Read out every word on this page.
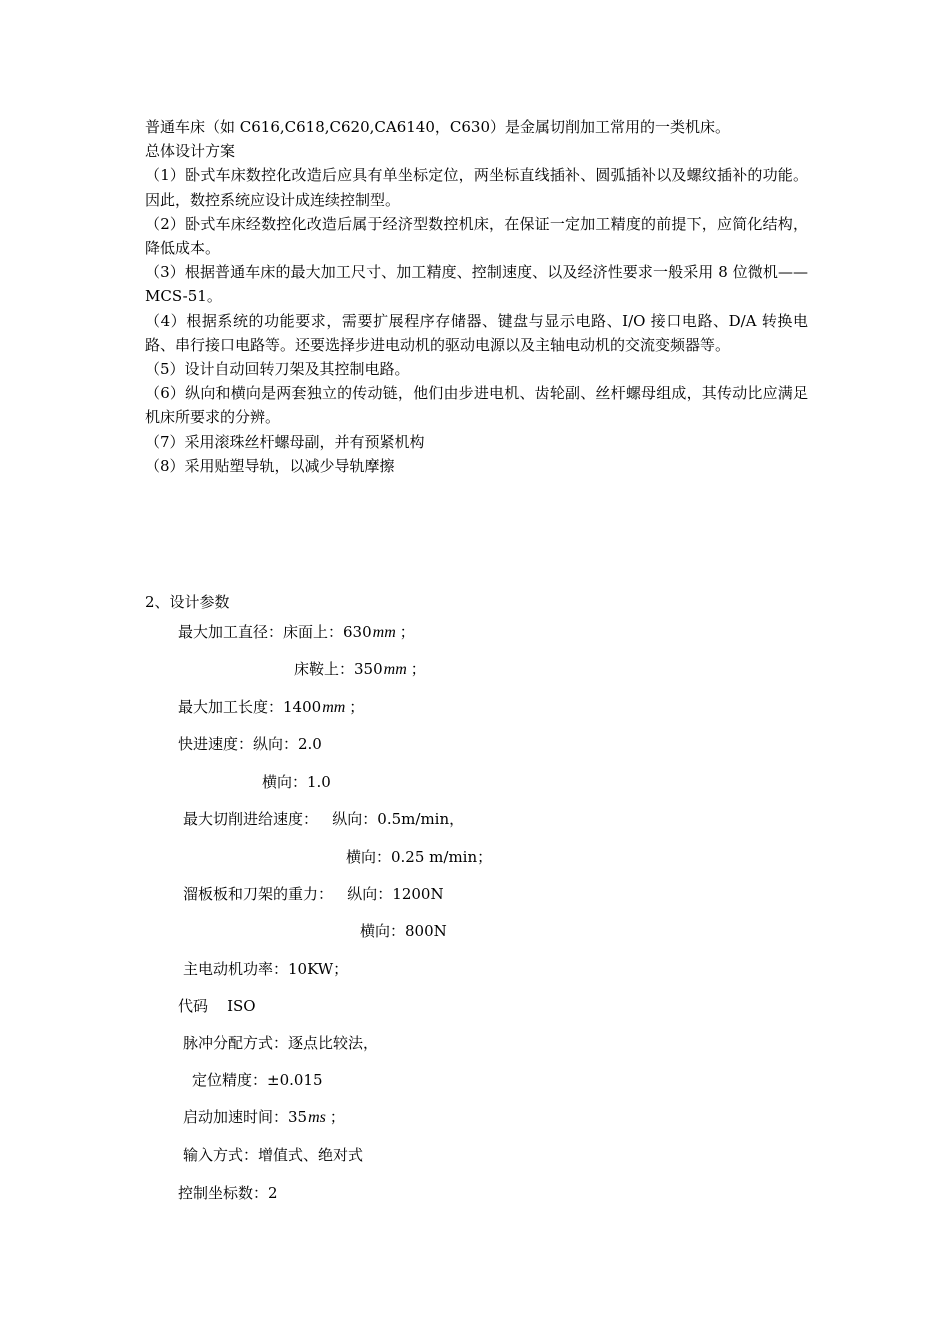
普通车床（如 C616,C618,C620,CA6140，C630）是金属切削加工常用的一类机床。

总体设计方案

（1）卧式车床数控化改造后应具有单坐标定位，两坐标直线插补、圆弧插补以及螺纹插补的功能。因此，数控系统应设计成连续控制型。

（2）卧式车床经数控化改造后属于经济型数控机床，在保证一定加工精度的前提下，应简化结构，降低成本。

（3）根据普通车床的最大加工尺寸、加工精度、控制速度、以及经济性要求一般采用 8 位微机——MCS-51。

（4）根据系统的功能要求，需要扩展程序存储器、键盘与显示电路、I/O 接口电路、D/A 转换电路、串行接口电路等。还要选择步进电动机的驱动电源以及主轴电动机的交流变频器等。

（5）设计自动回转刀架及其控制电路。

（6）纵向和横向是两套独立的传动链，他们由步进电机、齿轮副、丝杆螺母组成，其传动比应满足机床所要求的分辨。

（7）采用滚珠丝杆螺母副，并有预紧机构

（8）采用贴塑导轨，以减少导轨摩擦

2、设计参数

最大加工直径：床面上：630mm ；
床鞍上：350mm ；
最大加工长度：1400mm ；
快进速度：纵向：2.0
横向：1.0
最大切削进给速度：   纵向：0.5m/min，
横向：0.25 m/min；
溜板板和刀架的重力：   纵向：1200N
横向：800N
主电动机功率：10KW；
代码    ISO
脉冲分配方式：逐点比较法，
定位精度：±0.015
启动加速时间：35ms ；
输入方式：增值式、绝对式
控制坐标数：2
